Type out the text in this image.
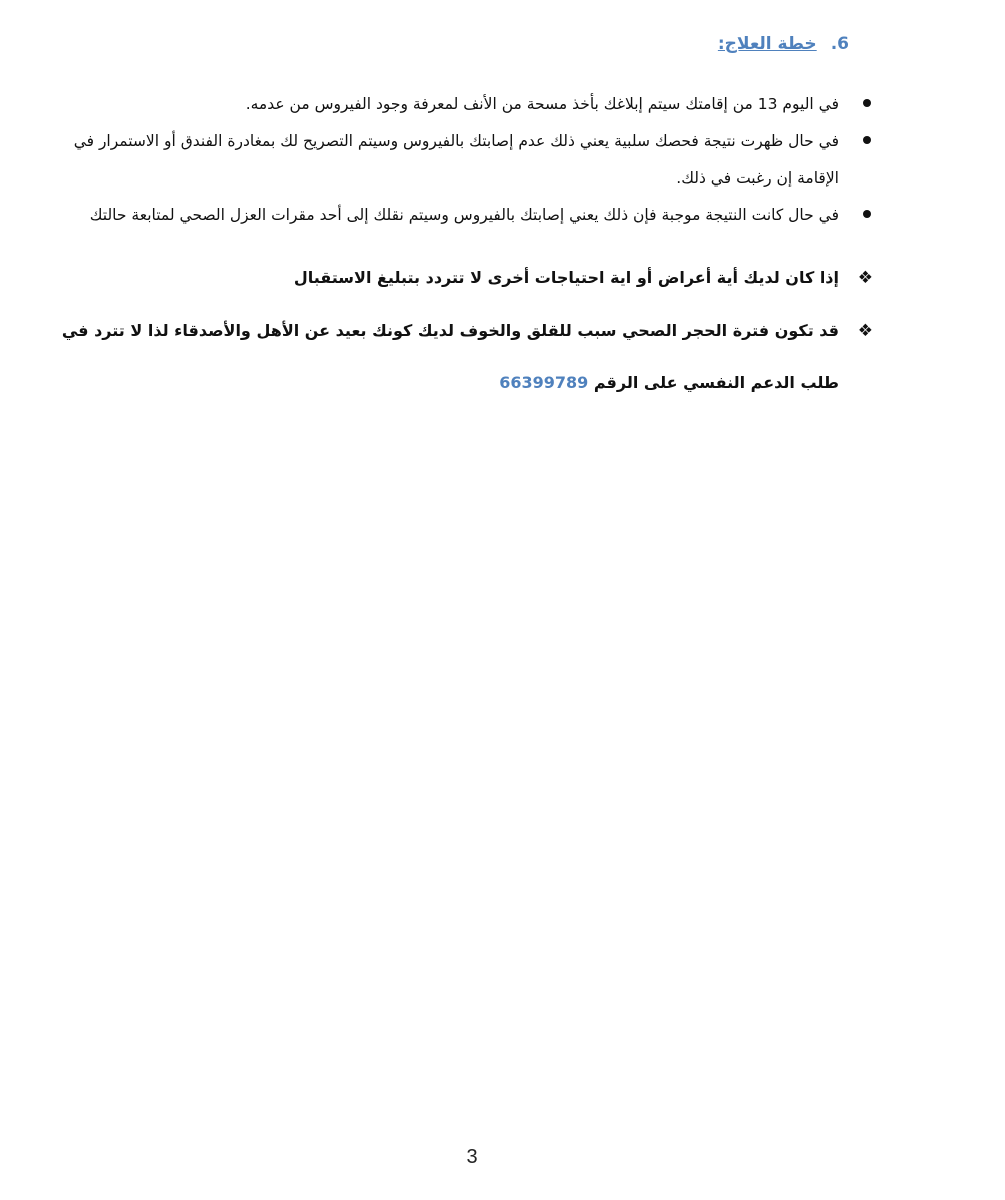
6.خطة العلاج:
في اليوم 13 من إقامتك سيتم إبلاغك بأخذ مسحة من الأنف لمعرفة وجود الفيروس من عدمه.
في حال ظهرت نتيجة فحصك سلبية يعني ذلك عدم إصابتك بالفيروس وسيتم التصريح لك بمغادرة الفندق أو الاستمرار في الإقامة إن رغبت في ذلك.
في حال كانت النتيجة موجبة فإن ذلك يعني إصابتك بالفيروس وسيتم نقلك إلى أحد مقرات العزل الصحي لمتابعة حالتك
❖
إذا كان لديك أية أعراض أو اية احتياجات أخرى لا تتردد بتبليغ الاستقبال
❖
قد تكون فترة الحجر الصحي سبب للقلق والخوف لديك كونك بعيد عن الأهل والأصدقاء لذا لا تترد في طلب الدعم النفسي على الرقم 66399789
3
